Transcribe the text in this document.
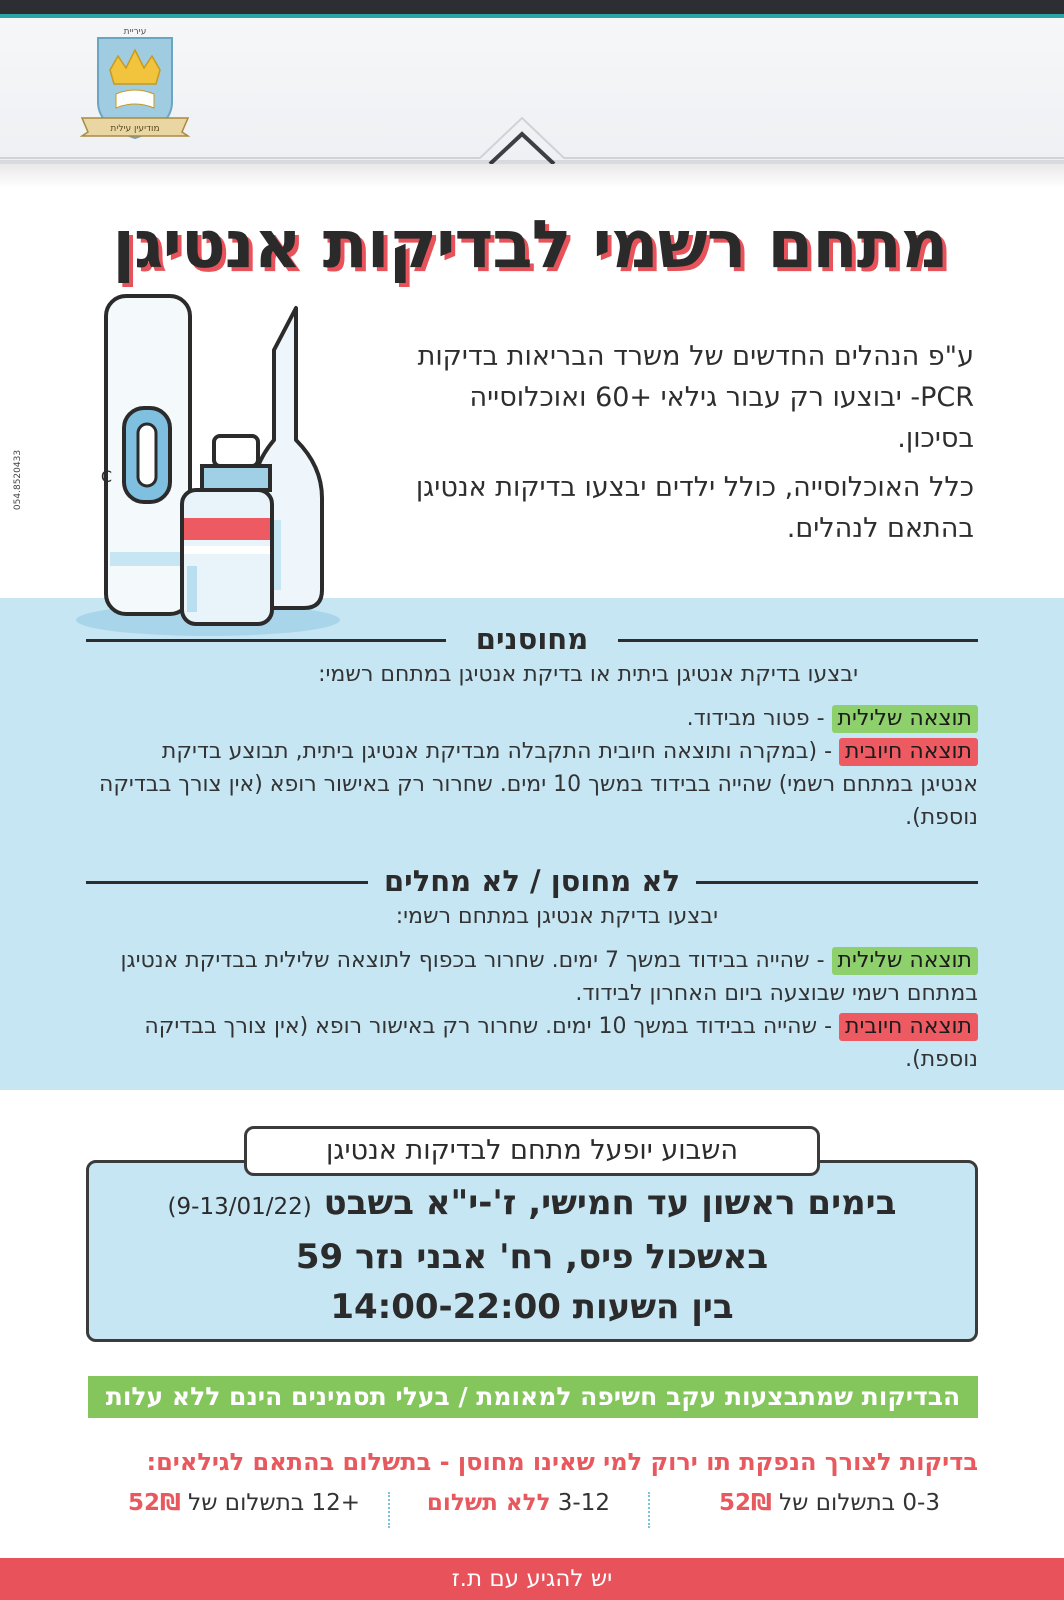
עיריית
מודיעין עילית
054.8520433
מתחם רשמי לבדיקות אנטיגן
C

ע"פ הנהלים החדשים של משרד הבריאות בדיקות PCR- יבוצעו רק עבור גילאי +60 ואוכלוסייה בסיכון.

כלל האוכלוסייה, כולל ילדים יבצעו בדיקות אנטיגן בהתאם לנהלים.

מחוסנים
יבצעו בדיקת אנטיגן ביתית או בדיקת אנטיגן במתחם רשמי:
תוצאה שלילית - פטור מבידוד.
תוצאה חיובית - (במקרה ותוצאה חיובית התקבלה מבדיקת אנטיגן ביתית, תבוצע בדיקת אנטיגן במתחם רשמי) שהייה בבידוד במשך 10 ימים. שחרור רק באישור רופא (אין צורך בבדיקה נוספת).
לא מחוסן / לא מחלים
יבצעו בדיקת אנטיגן במתחם רשמי:
תוצאה שלילית - שהייה בבידוד במשך 7 ימים. שחרור בכפוף לתוצאה שלילית בבדיקת אנטיגן במתחם רשמי שבוצעה ביום האחרון לבידוד.
תוצאה חיובית - שהייה בבידוד במשך 10 ימים. שחרור רק באישור רופא (אין צורך בבדיקה נוספת).
השבוע יופעל מתחם לבדיקות אנטיגן
בימים ראשון עד חמישי, ז'-י"א בשבט (9-13/01/22)
באשכול פיס, רח' אבני נזר 59
בין השעות 14:00-22:00
הבדיקות שמתבצעות עקב חשיפה למאומת / בעלי תסמינים הינם ללא עלות
בדיקות לצורך הנפקת תו ירוק למי שאינו מחוסן - בתשלום בהתאם לגילאים:
0-3 בתשלום של 52₪
3-12 ללא תשלום
+12 בתשלום של 52₪
יש להגיע עם ת.ז
